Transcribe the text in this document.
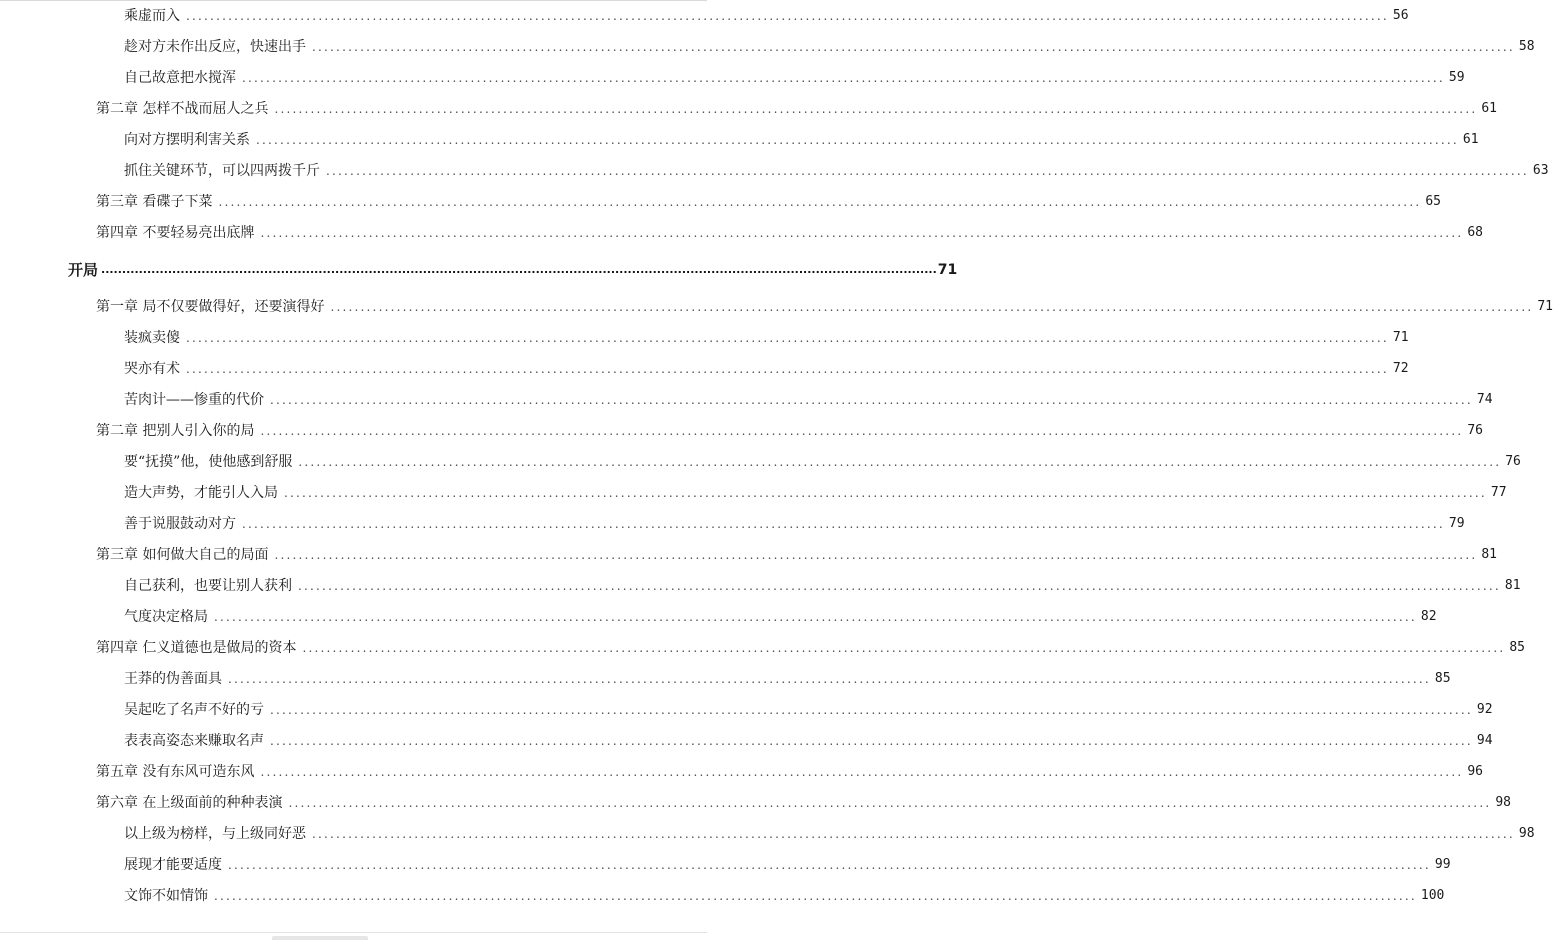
乘虚而入 ........................................................................................................................................................................................................ 56
趁对方未作出反应，快速出手 ........................................................................................................................................................................................................ 58
自己故意把水搅浑 ........................................................................................................................................................................................................ 59
第二章 怎样不战而屈人之兵 ........................................................................................................................................................................................................ 61
向对方摆明利害关系 ........................................................................................................................................................................................................ 61
抓住关键环节，可以四两拨千斤 ........................................................................................................................................................................................................ 63
第三章 看碟子下菜 ........................................................................................................................................................................................................ 65
第四章 不要轻易亮出底牌 ........................................................................................................................................................................................................ 68
开局 ........................................................................................................................................................................................................ 71
第一章 局不仅要做得好，还要演得好 ........................................................................................................................................................................................................ 71
装疯卖傻 ........................................................................................................................................................................................................ 71
哭亦有术 ........................................................................................................................................................................................................ 72
苦肉计——惨重的代价 ........................................................................................................................................................................................................ 74
第二章 把别人引入你的局 ........................................................................................................................................................................................................ 76
要“抚摸”他，使他感到舒服 ........................................................................................................................................................................................................ 76
造大声势，才能引人入局 ........................................................................................................................................................................................................ 77
善于说服鼓动对方 ........................................................................................................................................................................................................ 79
第三章 如何做大自己的局面 ........................................................................................................................................................................................................ 81
自己获利，也要让别人获利 ........................................................................................................................................................................................................ 81
气度决定格局 ........................................................................................................................................................................................................ 82
第四章 仁义道德也是做局的资本 ........................................................................................................................................................................................................ 85
王莽的伪善面具 ........................................................................................................................................................................................................ 85
吴起吃了名声不好的亏 ........................................................................................................................................................................................................ 92
表表高姿态来赚取名声 ........................................................................................................................................................................................................ 94
第五章 没有东风可造东风 ........................................................................................................................................................................................................ 96
第六章 在上级面前的种种表演 ........................................................................................................................................................................................................ 98
以上级为榜样，与上级同好恶 ........................................................................................................................................................................................................ 98
展现才能要适度 ........................................................................................................................................................................................................ 99
文饰不如情饰 ........................................................................................................................................................................................................ 100
